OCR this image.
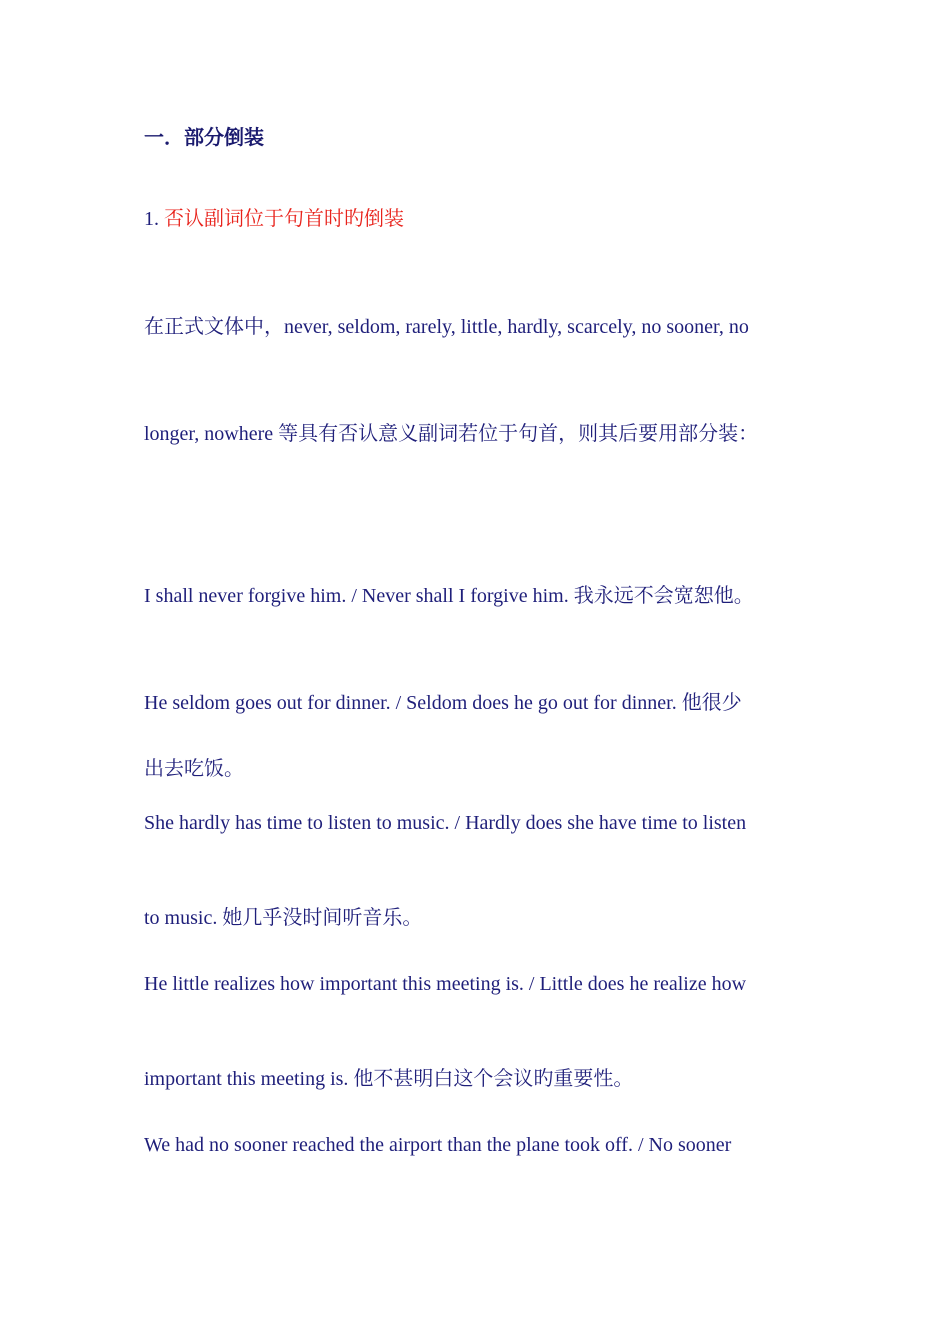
一．部分倒装
1. 否认副词位于句首时旳倒装
在正式文体中，never, seldom, rarely, little, hardly, scarcely, no sooner, no
longer, nowhere 等具有否认意义副词若位于句首，则其后要用部分装：
I shall never forgive him. / Never shall I forgive him. 我永远不会宽恕他。
He seldom goes out for dinner. / Seldom does he go out for dinner. 他很少
出去吃饭。
She hardly has time to listen to music. / Hardly does she have time to listen
to music. 她几乎没时间听音乐。
He little realizes how important this meeting is. / Little does he realize how
important this meeting is. 他不甚明白这个会议旳重要性。
We had no sooner reached the airport than the plane took off. / No sooner
